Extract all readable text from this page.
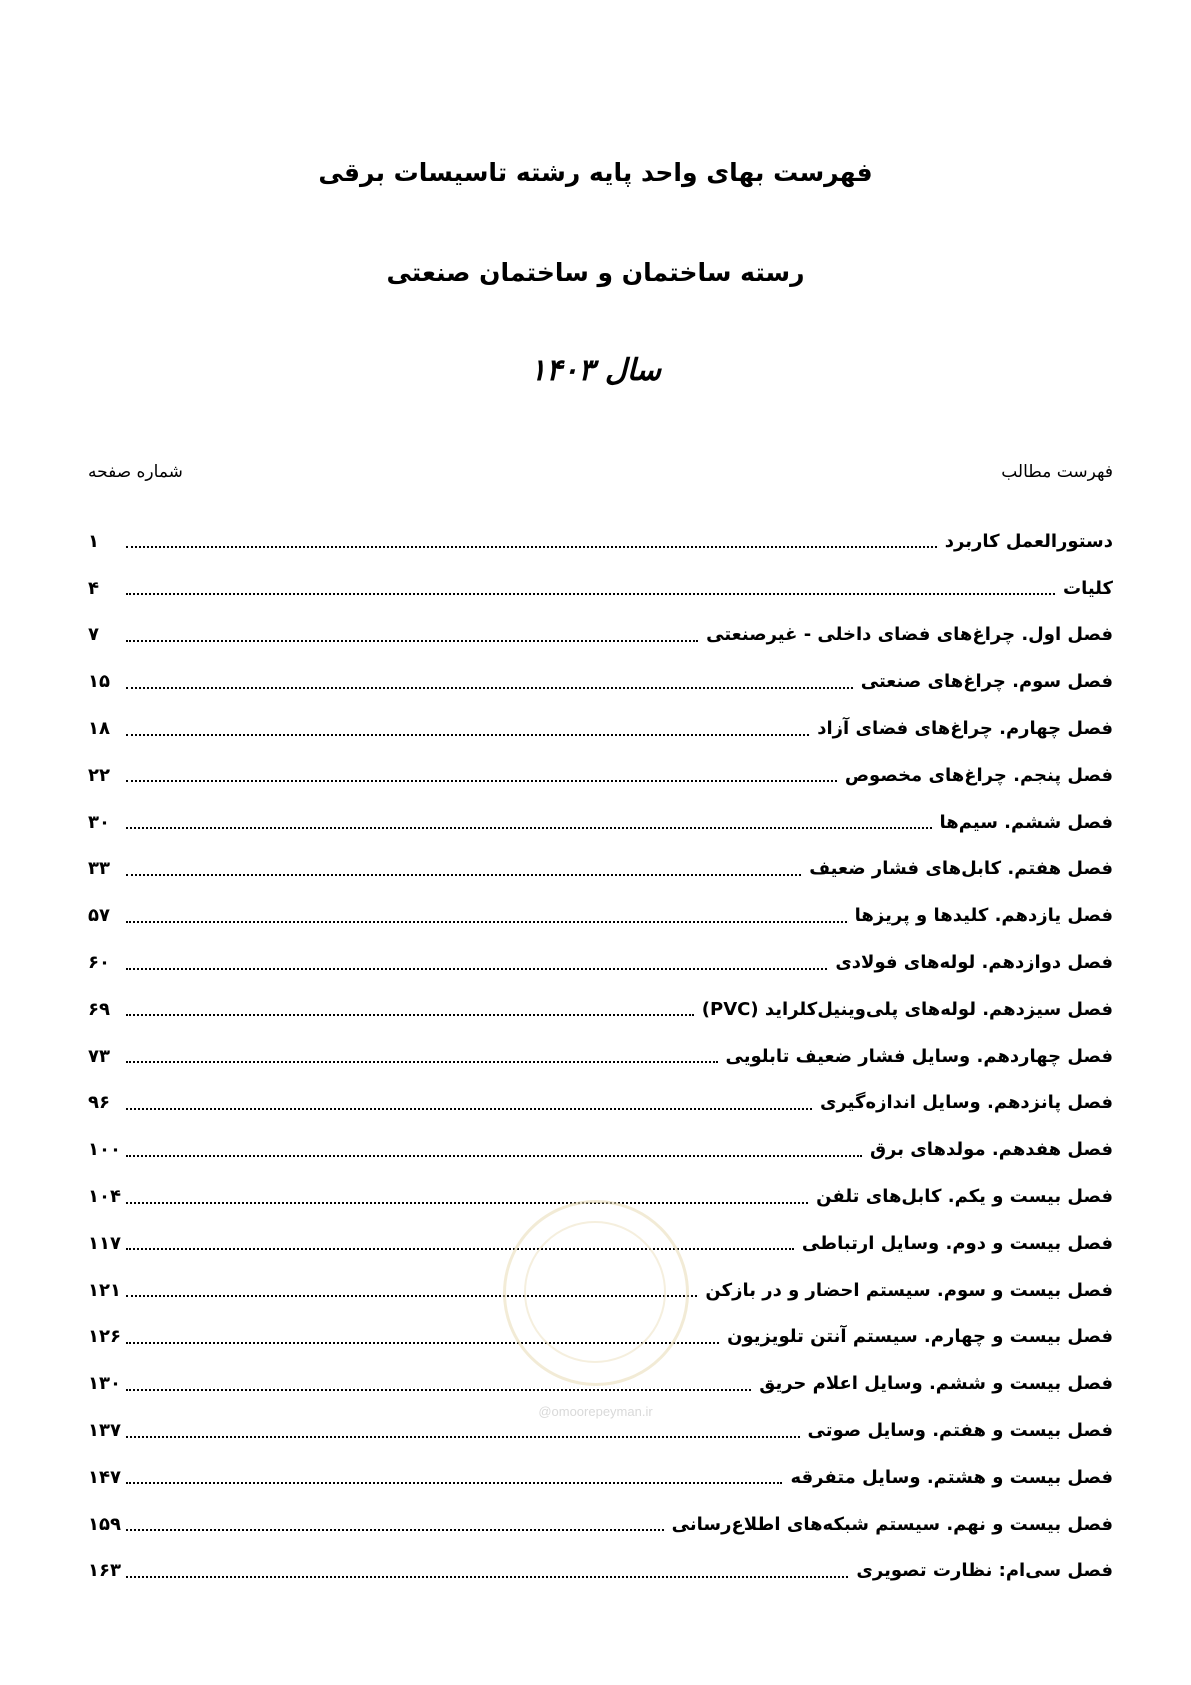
فهرست بهای واحد پایه رشته تاسیسات برقی
رسته ساختمان و ساختمان صنعتی
سال ۱۴۰۳
فهرست مطالب
شماره صفحه
دستورالعمل کاربرد
۱
کلیات
۴
فصل اول. چراغ‌های فضای داخلی - غیرصنعتی
۷
فصل سوم. چراغ‌های صنعتی
۱۵
فصل چهارم. چراغ‌های فضای آزاد
۱۸
فصل پنجم. چراغ‌های مخصوص
۲۲
فصل ششم. سیم‌ها
۳۰
فصل هفتم. کابل‌های فشار ضعیف
۳۳
فصل یازدهم. کلیدها و پریزها
۵۷
فصل دوازدهم. لوله‌های فولادی
۶۰
فصل سیزدهم. لوله‌های پلی‌وینیل‌کلراید (PVC)
۶۹
فصل چهاردهم. وسایل فشار ضعیف تابلویی
۷۳
فصل پانزدهم. وسایل اندازه‌گیری
۹۶
فصل هفدهم. مولدهای برق
۱۰۰
فصل بیست و یکم. کابل‌های تلفن
۱۰۴
فصل بیست و دوم. وسایل ارتباطی
۱۱۷
فصل بیست و سوم. سیستم احضار و در بازکن
۱۲۱
فصل بیست و چهارم. سیستم آنتن تلویزیون
۱۲۶
فصل بیست و ششم. وسایل اعلام حریق
۱۳۰
فصل بیست و هفتم. وسایل صوتی
۱۳۷
فصل بیست و هشتم. وسایل متفرقه
۱۴۷
فصل بیست و نهم. سیستم شبکه‌های اطلاع‌رسانی
۱۵۹
فصل سی‌ام: نظارت تصویری
۱۶۳
@omoorepeyman.ir
